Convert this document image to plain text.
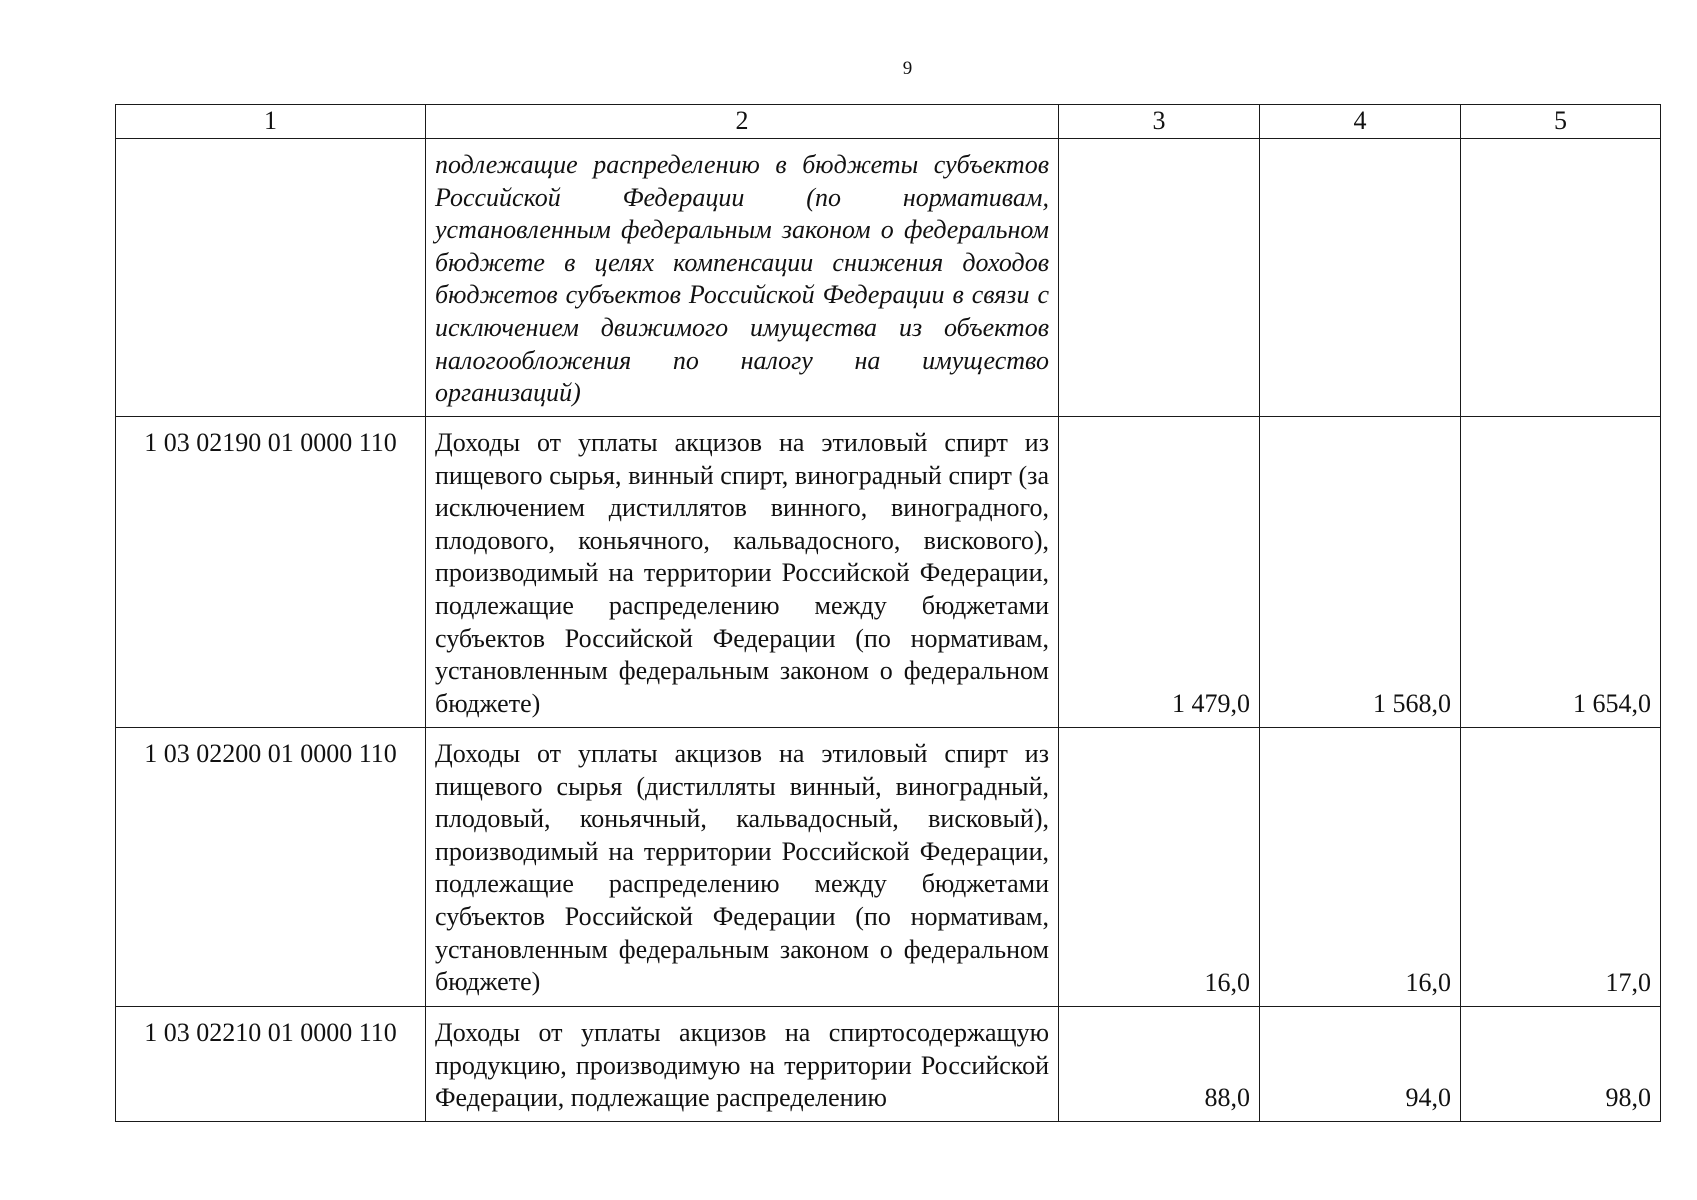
9
1	2	3	4	5

	подлежащие распределению в бюджеты субъектов Российской Федерации (по нормативам, установленным федеральным законом о федеральном бюджете в целях компенсации снижения доходов бюджетов субъектов Российской Федерации в связи с исключением движимого имущества из объектов налогообложения по налогу на имущество организаций)			

1 03 02190 01 0000 110	Доходы от уплаты акцизов на этиловый спирт из пищевого сырья, винный спирт, виноградный спирт (за исключением дистиллятов винного, виноградного, плодового, коньячного, кальвадосного, вискового), производимый на территории Российской Федерации, подлежащие распределению между бюджетами субъектов Российской Федерации (по нормативам, установленным федеральным законом о федеральном бюджете)	1 479,0	1 568,0	1 654,0

1 03 02200 01 0000 110	Доходы от уплаты акцизов на этиловый спирт из пищевого сырья (дистилляты винный, виноградный, плодовый, коньячный, кальвадосный, висковый), производимый на территории Российской Федерации, подлежащие распределению между бюджетами субъектов Российской Федерации (по нормативам, установленным федеральным законом о федеральном бюджете)	16,0	16,0	17,0

1 03 02210 01 0000 110	Доходы от уплаты акцизов на спиртосодержащую продукцию, производимую на территории Российской Федерации, подлежащие распределению	88,0	94,0	98,0
